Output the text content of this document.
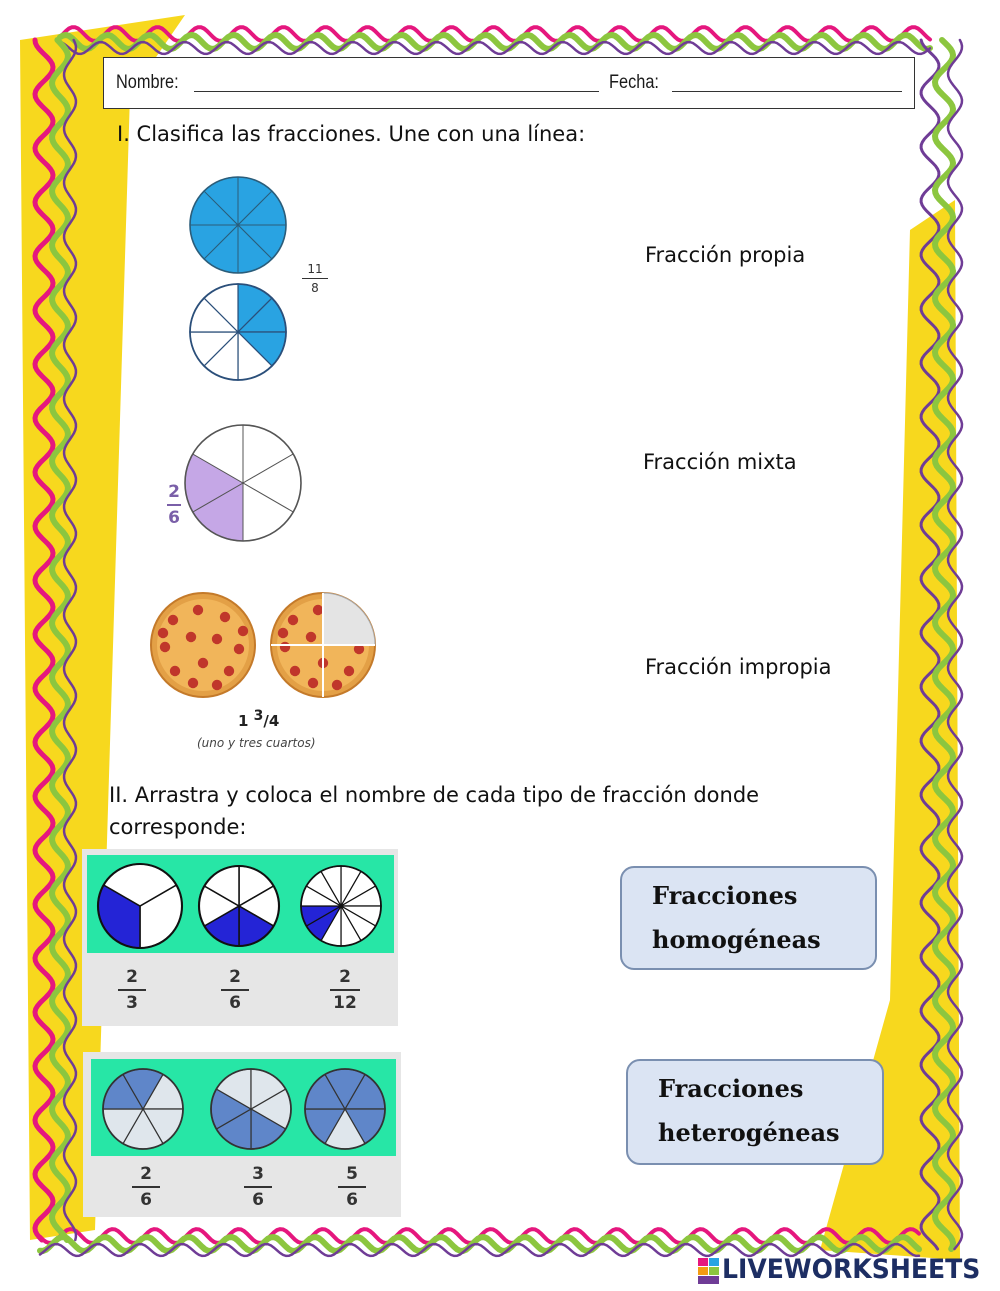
Nombre:	Fecha:
I. Clasifica las fracciones. Une con una línea:
11
8
2
6
1 $^3$/4
(uno y tres cuartos)
Fracción propia
Fracción mixta
Fracción impropia
II. Arrastra y coloca el nombre de cada tipo de fracción donde
corresponde:
2
3
2
6
2
12
2
6
3
6
5
6
Fracciones
homogéneas
Fracciones
heterogéneas
LIVEWORKSHEETS
